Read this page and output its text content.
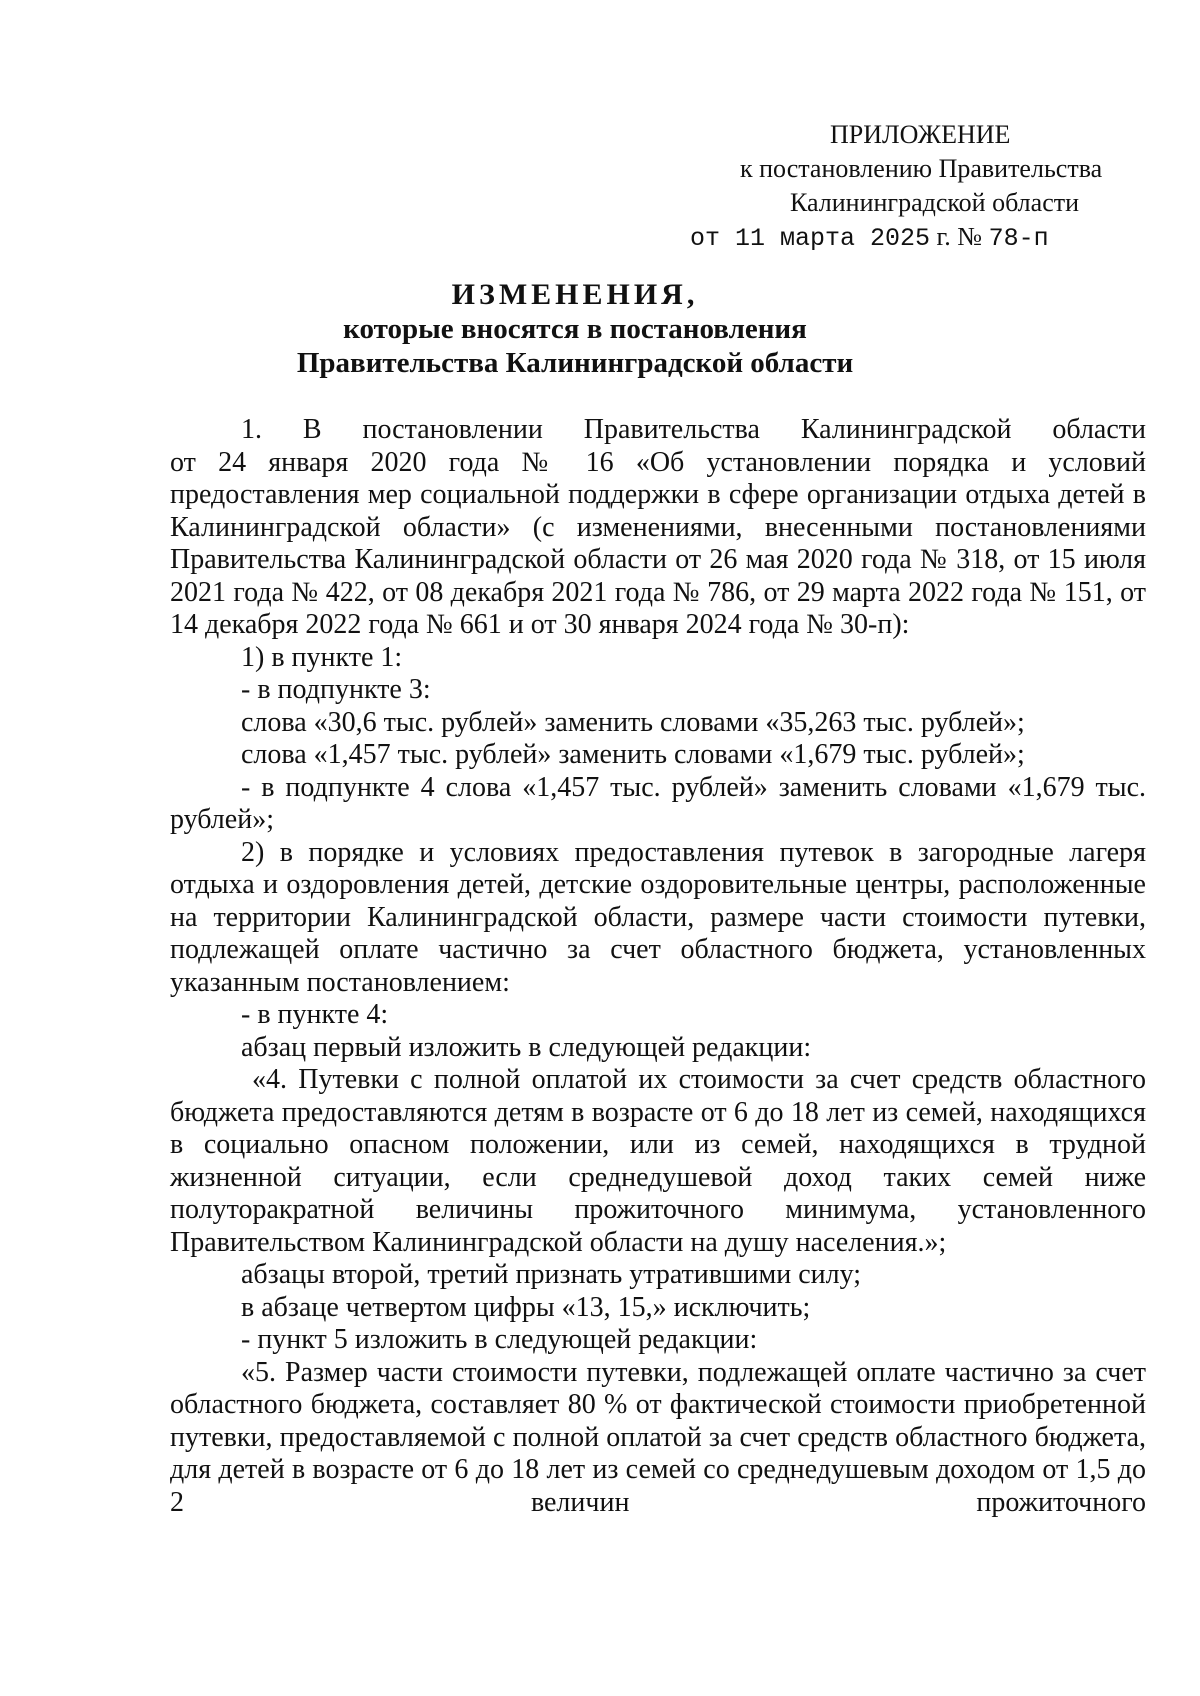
ПРИЛОЖЕНИЕ
к постановлению Правительства
Калининградской области
от 11 марта 2025 г. № 78-п
ИЗМЕНЕНИЯ,
которые вносятся в постановления
Правительства Калининградской области

1. В постановлении Правительства Калининградской области

от 24 января 2020 года № 16 «Об установлении порядка и условий предоставления мер социальной поддержки в сфере организации отдыха детей в Калининградской области» (с изменениями, внесенными постановлениями Правительства Калининградской области от 26 мая 2020 года № 318, от 15 июля 2021 года № 422, от 08 декабря 2021 года № 786, от 29 марта 2022 года № 151, от 14 декабря 2022 года № 661 и от 30 января 2024 года № 30-п):

1) в пункте 1:

- в подпункте 3:

слова «30,6 тыс. рублей» заменить словами «35,263 тыс. рублей»;

слова «1,457 тыс. рублей» заменить словами «1,679 тыс. рублей»;

- в подпункте 4 слова «1,457 тыс. рублей» заменить словами «1,679 тыс. рублей»;

2) в порядке и условиях предоставления путевок в загородные лагеря отдыха и оздоровления детей, детские оздоровительные центры, расположенные на территории Калининградской области, размере части стоимости путевки, подлежащей оплате частично за счет областного бюджета, установленных указанным постановлением:

- в пункте 4:

абзац первый изложить в следующей редакции:

«4. Путевки с полной оплатой их стоимости за счет средств областного бюджета предоставляются детям в возрасте от 6 до 18 лет из семей, находящихся в социально опасном положении, или из семей, находящихся в трудной жизненной ситуации, если среднедушевой доход таких семей ниже полуторакратной величины прожиточного минимума, установленного Правительством Калининградской области на душу населения.»;

абзацы второй, третий признать утратившими силу;

в абзаце четвертом цифры «13, 15,» исключить;

- пункт 5 изложить в следующей редакции:

«5. Размер части стоимости путевки, подлежащей оплате частично за счет областного бюджета, составляет 80 % от фактической стоимости приобретенной путевки, предоставляемой с полной оплатой за счет средств областного бюджета, для детей в возрасте от 6 до 18 лет из семей со среднедушевым доходом от 1,5 до 2 величин прожиточного
